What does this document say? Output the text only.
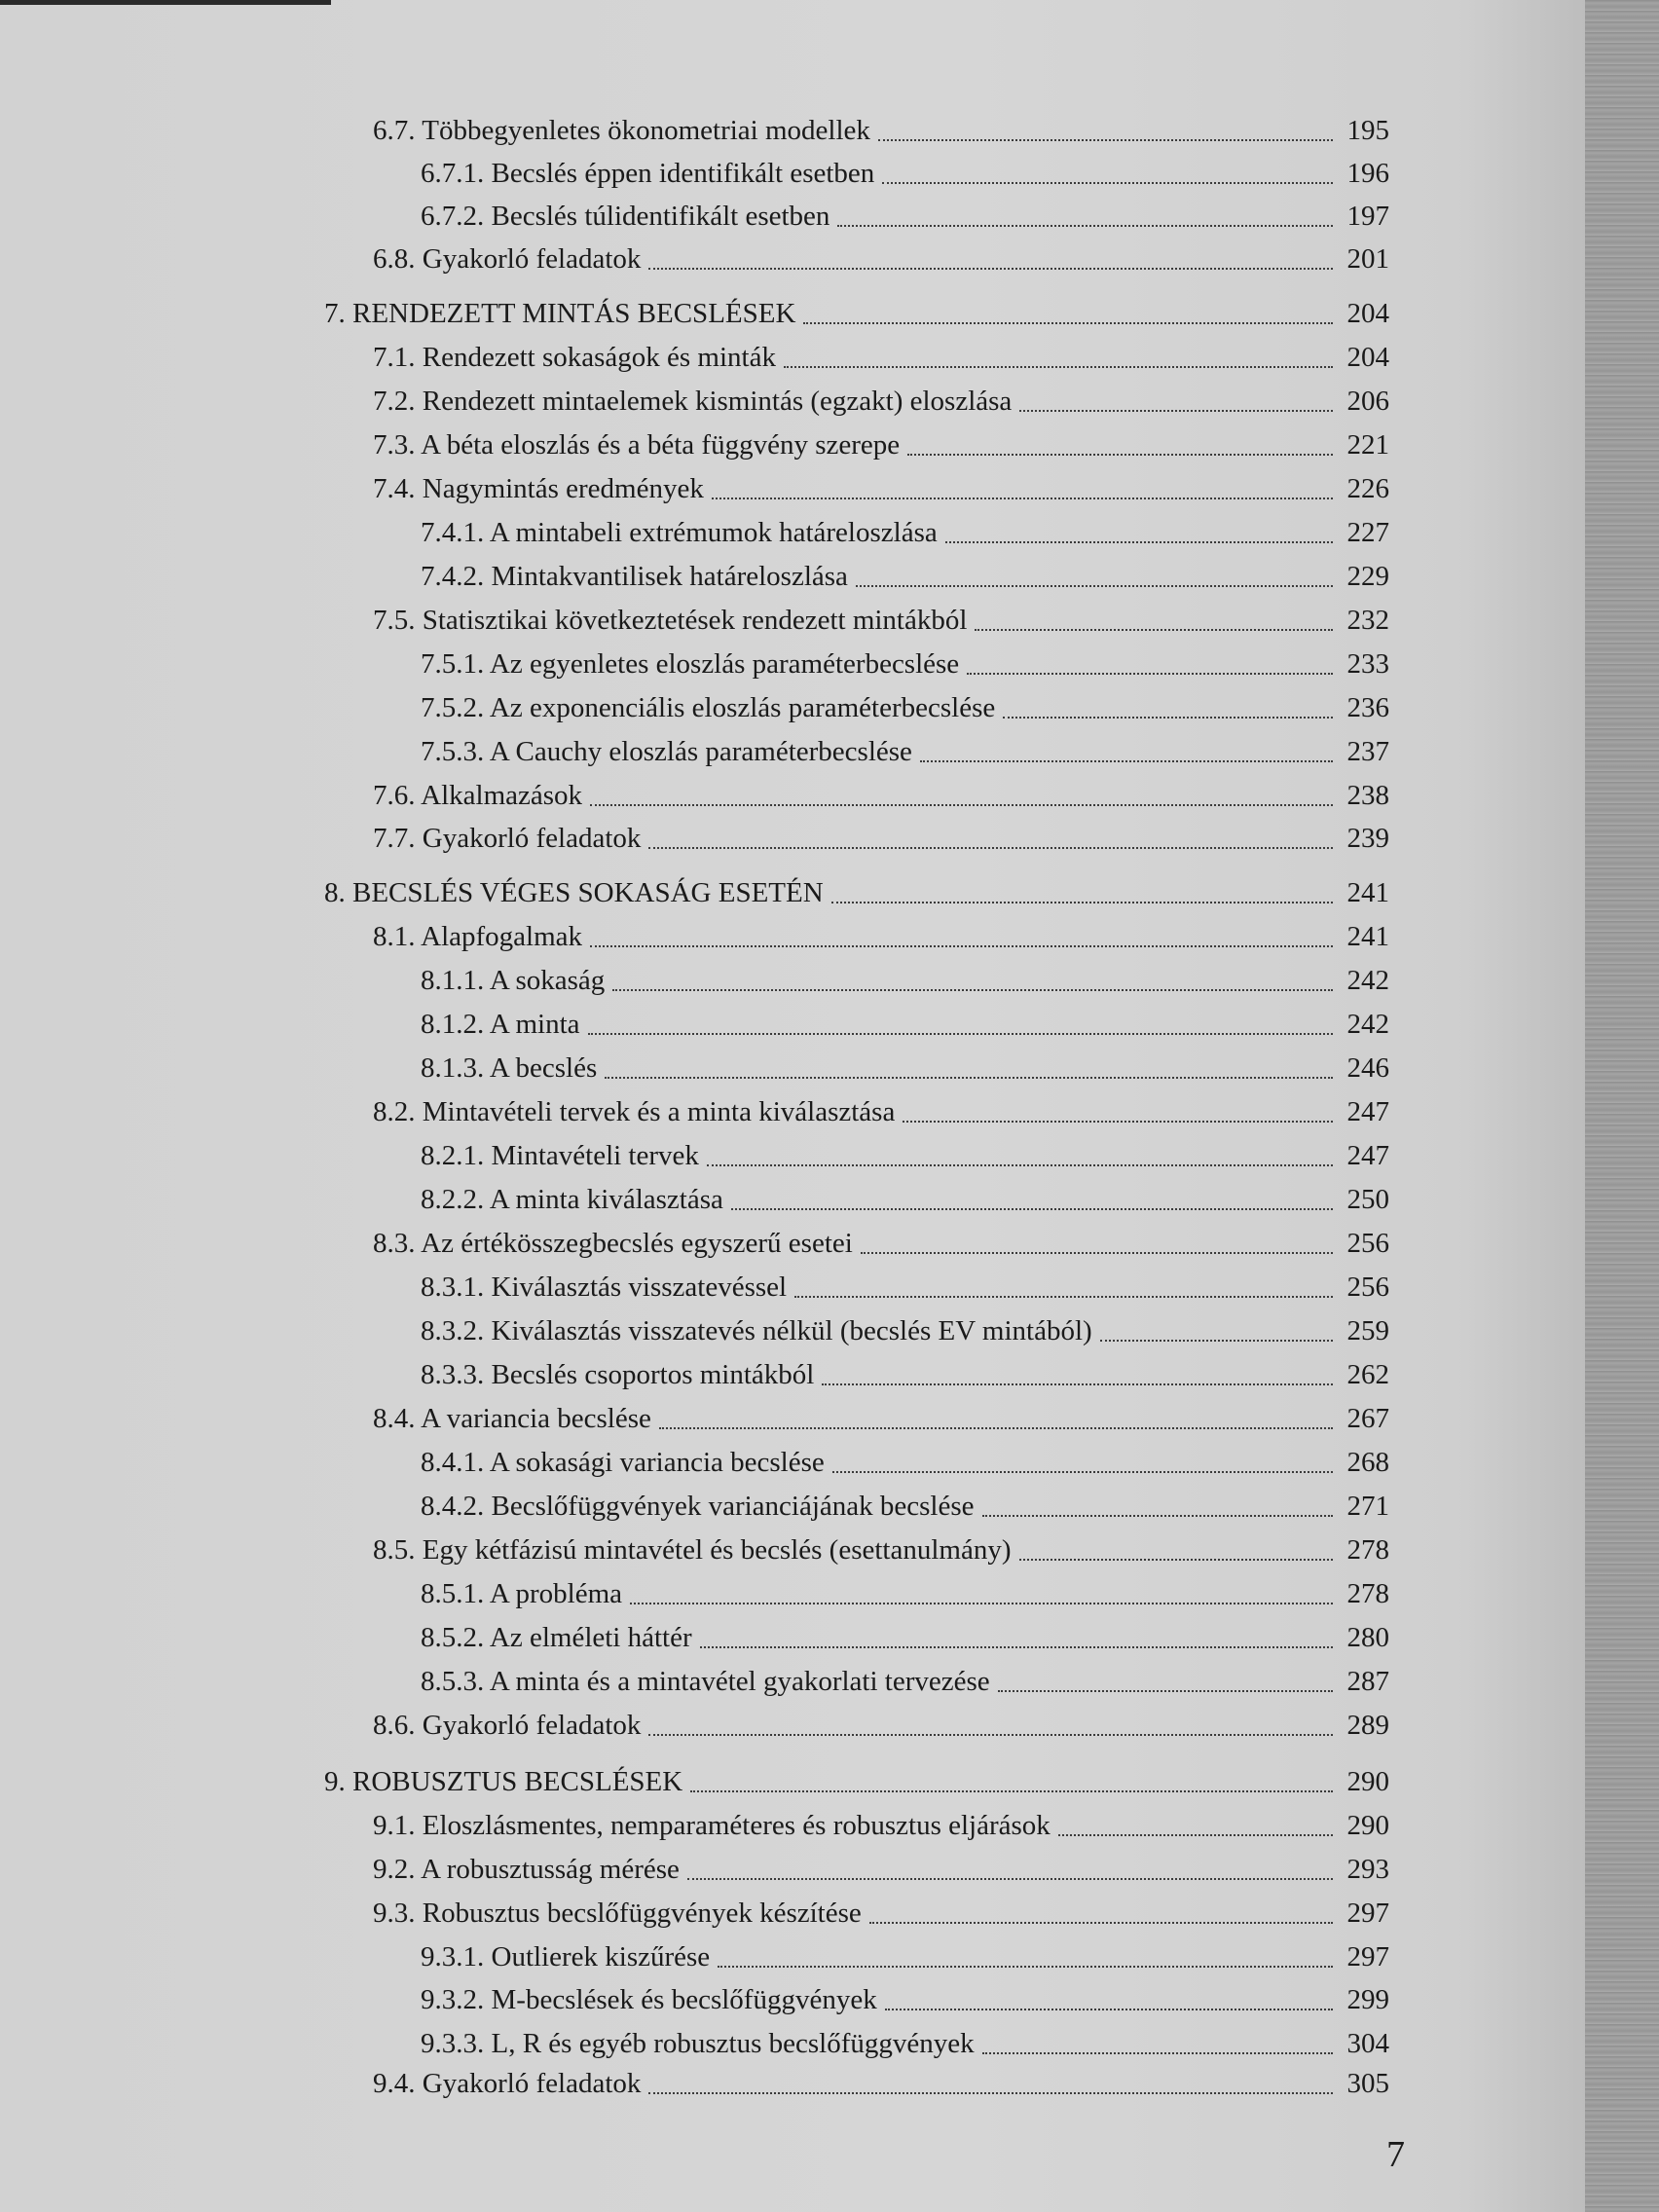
6.7. Többegyenletes ökonometriai modellek	195
6.7.1. Becslés éppen identifikált esetben	196
6.7.2. Becslés túlidentifikált esetben	197
6.8. Gyakorló feladatok	201
7. RENDEZETT MINTÁS BECSLÉSEK	204
7.1. Rendezett sokaságok és minták	204
7.2. Rendezett mintaelemek kismintás (egzakt) eloszlása	206
7.3. A béta eloszlás és a béta függvény szerepe	221
7.4. Nagymintás eredmények	226
7.4.1. A mintabeli extrémumok határeloszlása	227
7.4.2. Mintakvantilisek határeloszlása	229
7.5. Statisztikai következtetések rendezett mintákból	232
7.5.1. Az egyenletes eloszlás paraméterbecslése	233
7.5.2. Az exponenciális eloszlás paraméterbecslése	236
7.5.3. A Cauchy eloszlás paraméterbecslése	237
7.6. Alkalmazások	238
7.7. Gyakorló feladatok	239
8. BECSLÉS VÉGES SOKASÁG ESETÉN	241
8.1. Alapfogalmak	241
8.1.1. A sokaság	242
8.1.2. A minta	242
8.1.3. A becslés	246
8.2. Mintavételi tervek és a minta kiválasztása	247
8.2.1. Mintavételi tervek	247
8.2.2. A minta kiválasztása	250
8.3. Az értékösszegbecslés egyszerű esetei	256
8.3.1. Kiválasztás visszatevéssel	256
8.3.2. Kiválasztás visszatevés nélkül (becslés EV mintából)	259
8.3.3. Becslés csoportos mintákból	262
8.4. A variancia becslése	267
8.4.1. A sokasági variancia becslése	268
8.4.2. Becslőfüggvények varianciájának becslése	271
8.5. Egy kétfázisú mintavétel és becslés (esettanulmány)	278
8.5.1. A probléma	278
8.5.2. Az elméleti háttér	280
8.5.3. A minta és a mintavétel gyakorlati tervezése	287
8.6. Gyakorló feladatok	289
9. ROBUSZTUS BECSLÉSEK	290
9.1. Eloszlásmentes, nemparaméteres és robusztus eljárások	290
9.2. A robusztusság mérése	293
9.3. Robusztus becslőfüggvények készítése	297
9.3.1. Outlierek kiszűrése	297
9.3.2. M-becslések és becslőfüggvények	299
9.3.3. L, R és egyéb robusztus becslőfüggvények	304
9.4. Gyakorló feladatok	305
7
